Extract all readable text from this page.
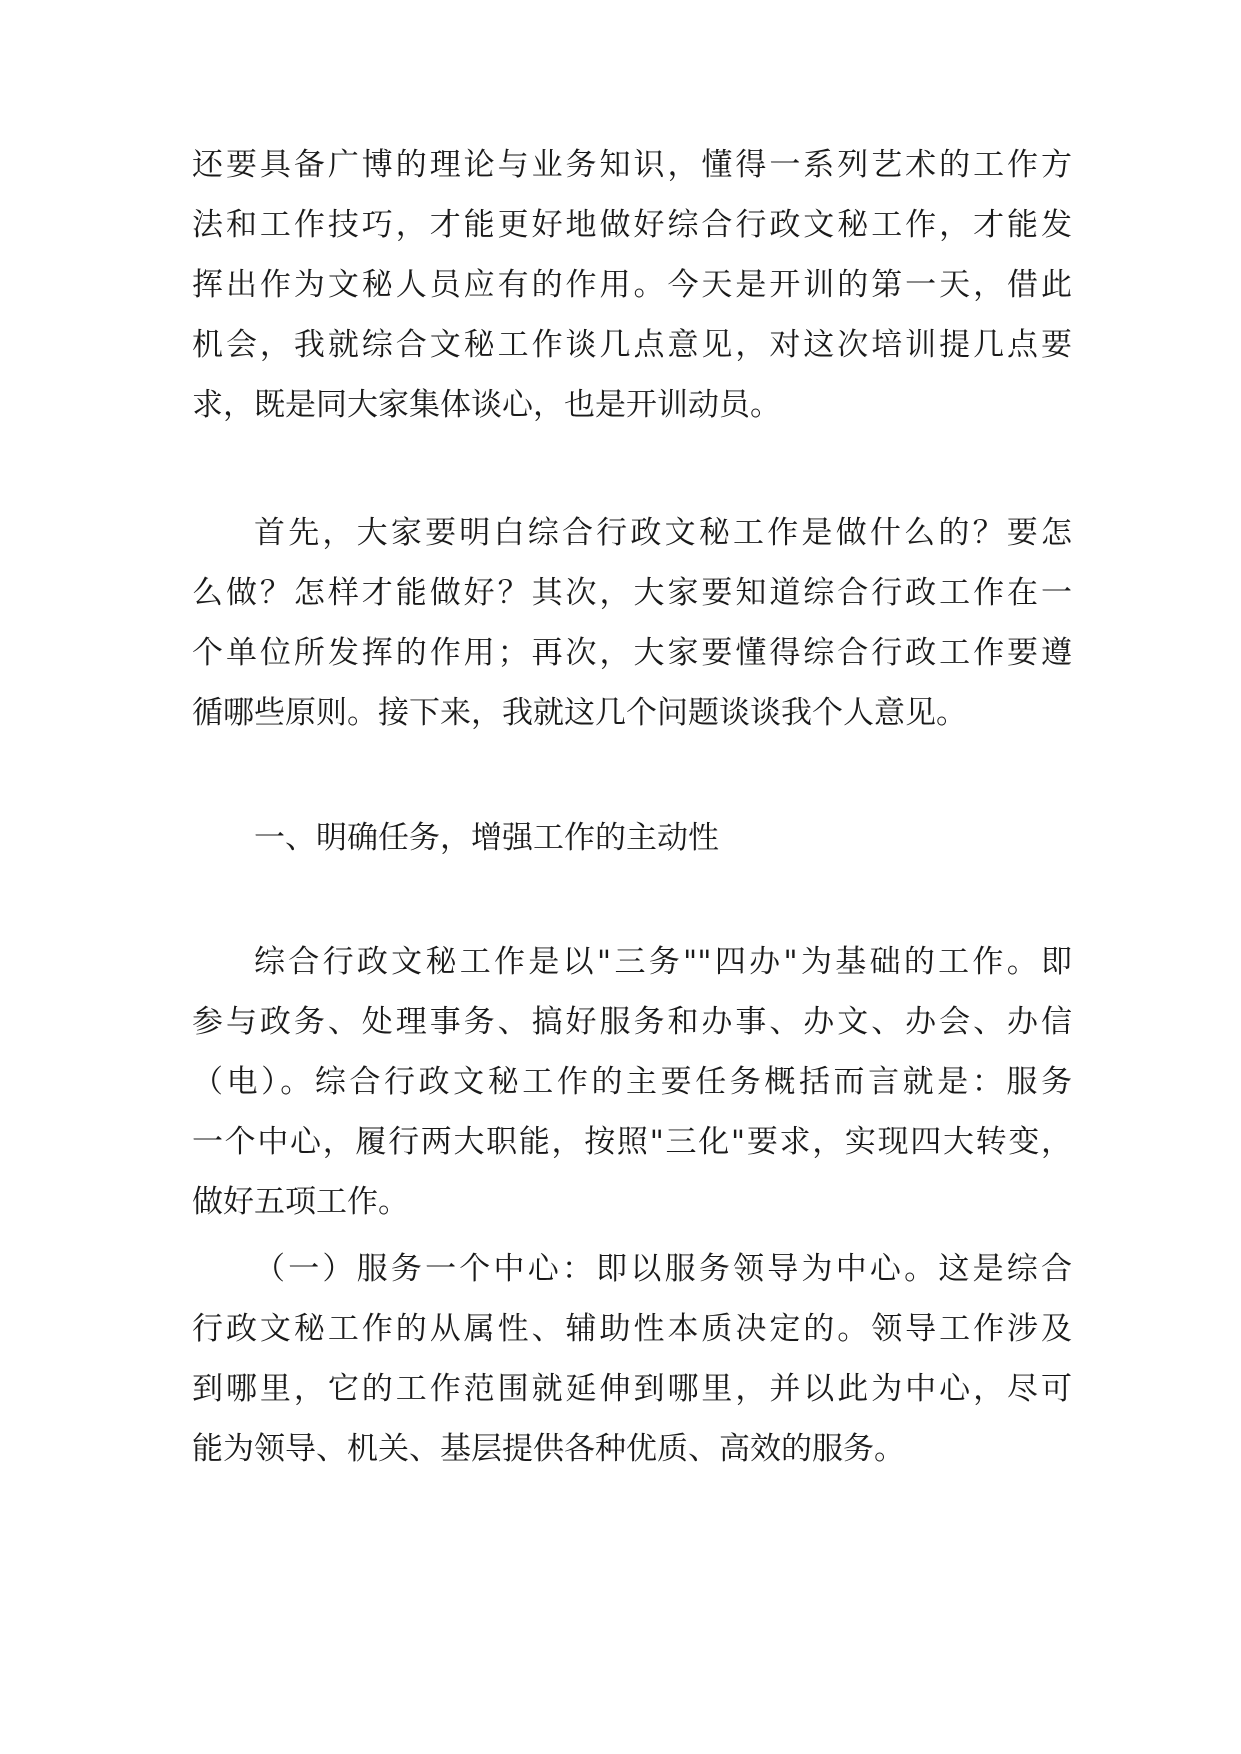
还要具备广博的理论与业务知识，懂得一系列艺术的工作方
法和工作技巧，才能更好地做好综合行政文秘工作，才能发
挥出作为文秘人员应有的作用。今天是开训的第一天，借此
机会，我就综合文秘工作谈几点意见，对这次培训提几点要
求，既是同大家集体谈心，也是开训动员。
首先，大家要明白综合行政文秘工作是做什么的？要怎
么做？怎样才能做好？其次，大家要知道综合行政工作在一
个单位所发挥的作用；再次，大家要懂得综合行政工作要遵
循哪些原则。接下来，我就这几个问题谈谈我个人意见。
一、明确任务，增强工作的主动性
综合行政文秘工作是以"三务""四办"为基础的工作。即
参与政务、处理事务、搞好服务和办事、办文、办会、办信
（电）。综合行政文秘工作的主要任务概括而言就是：服务
一个中心，履行两大职能，按照"三化"要求，实现四大转变，
做好五项工作。
（一）服务一个中心：即以服务领导为中心。这是综合
行政文秘工作的从属性、辅助性本质决定的。领导工作涉及
到哪里，它的工作范围就延伸到哪里，并以此为中心，尽可
能为领导、机关、基层提供各种优质、高效的服务。
